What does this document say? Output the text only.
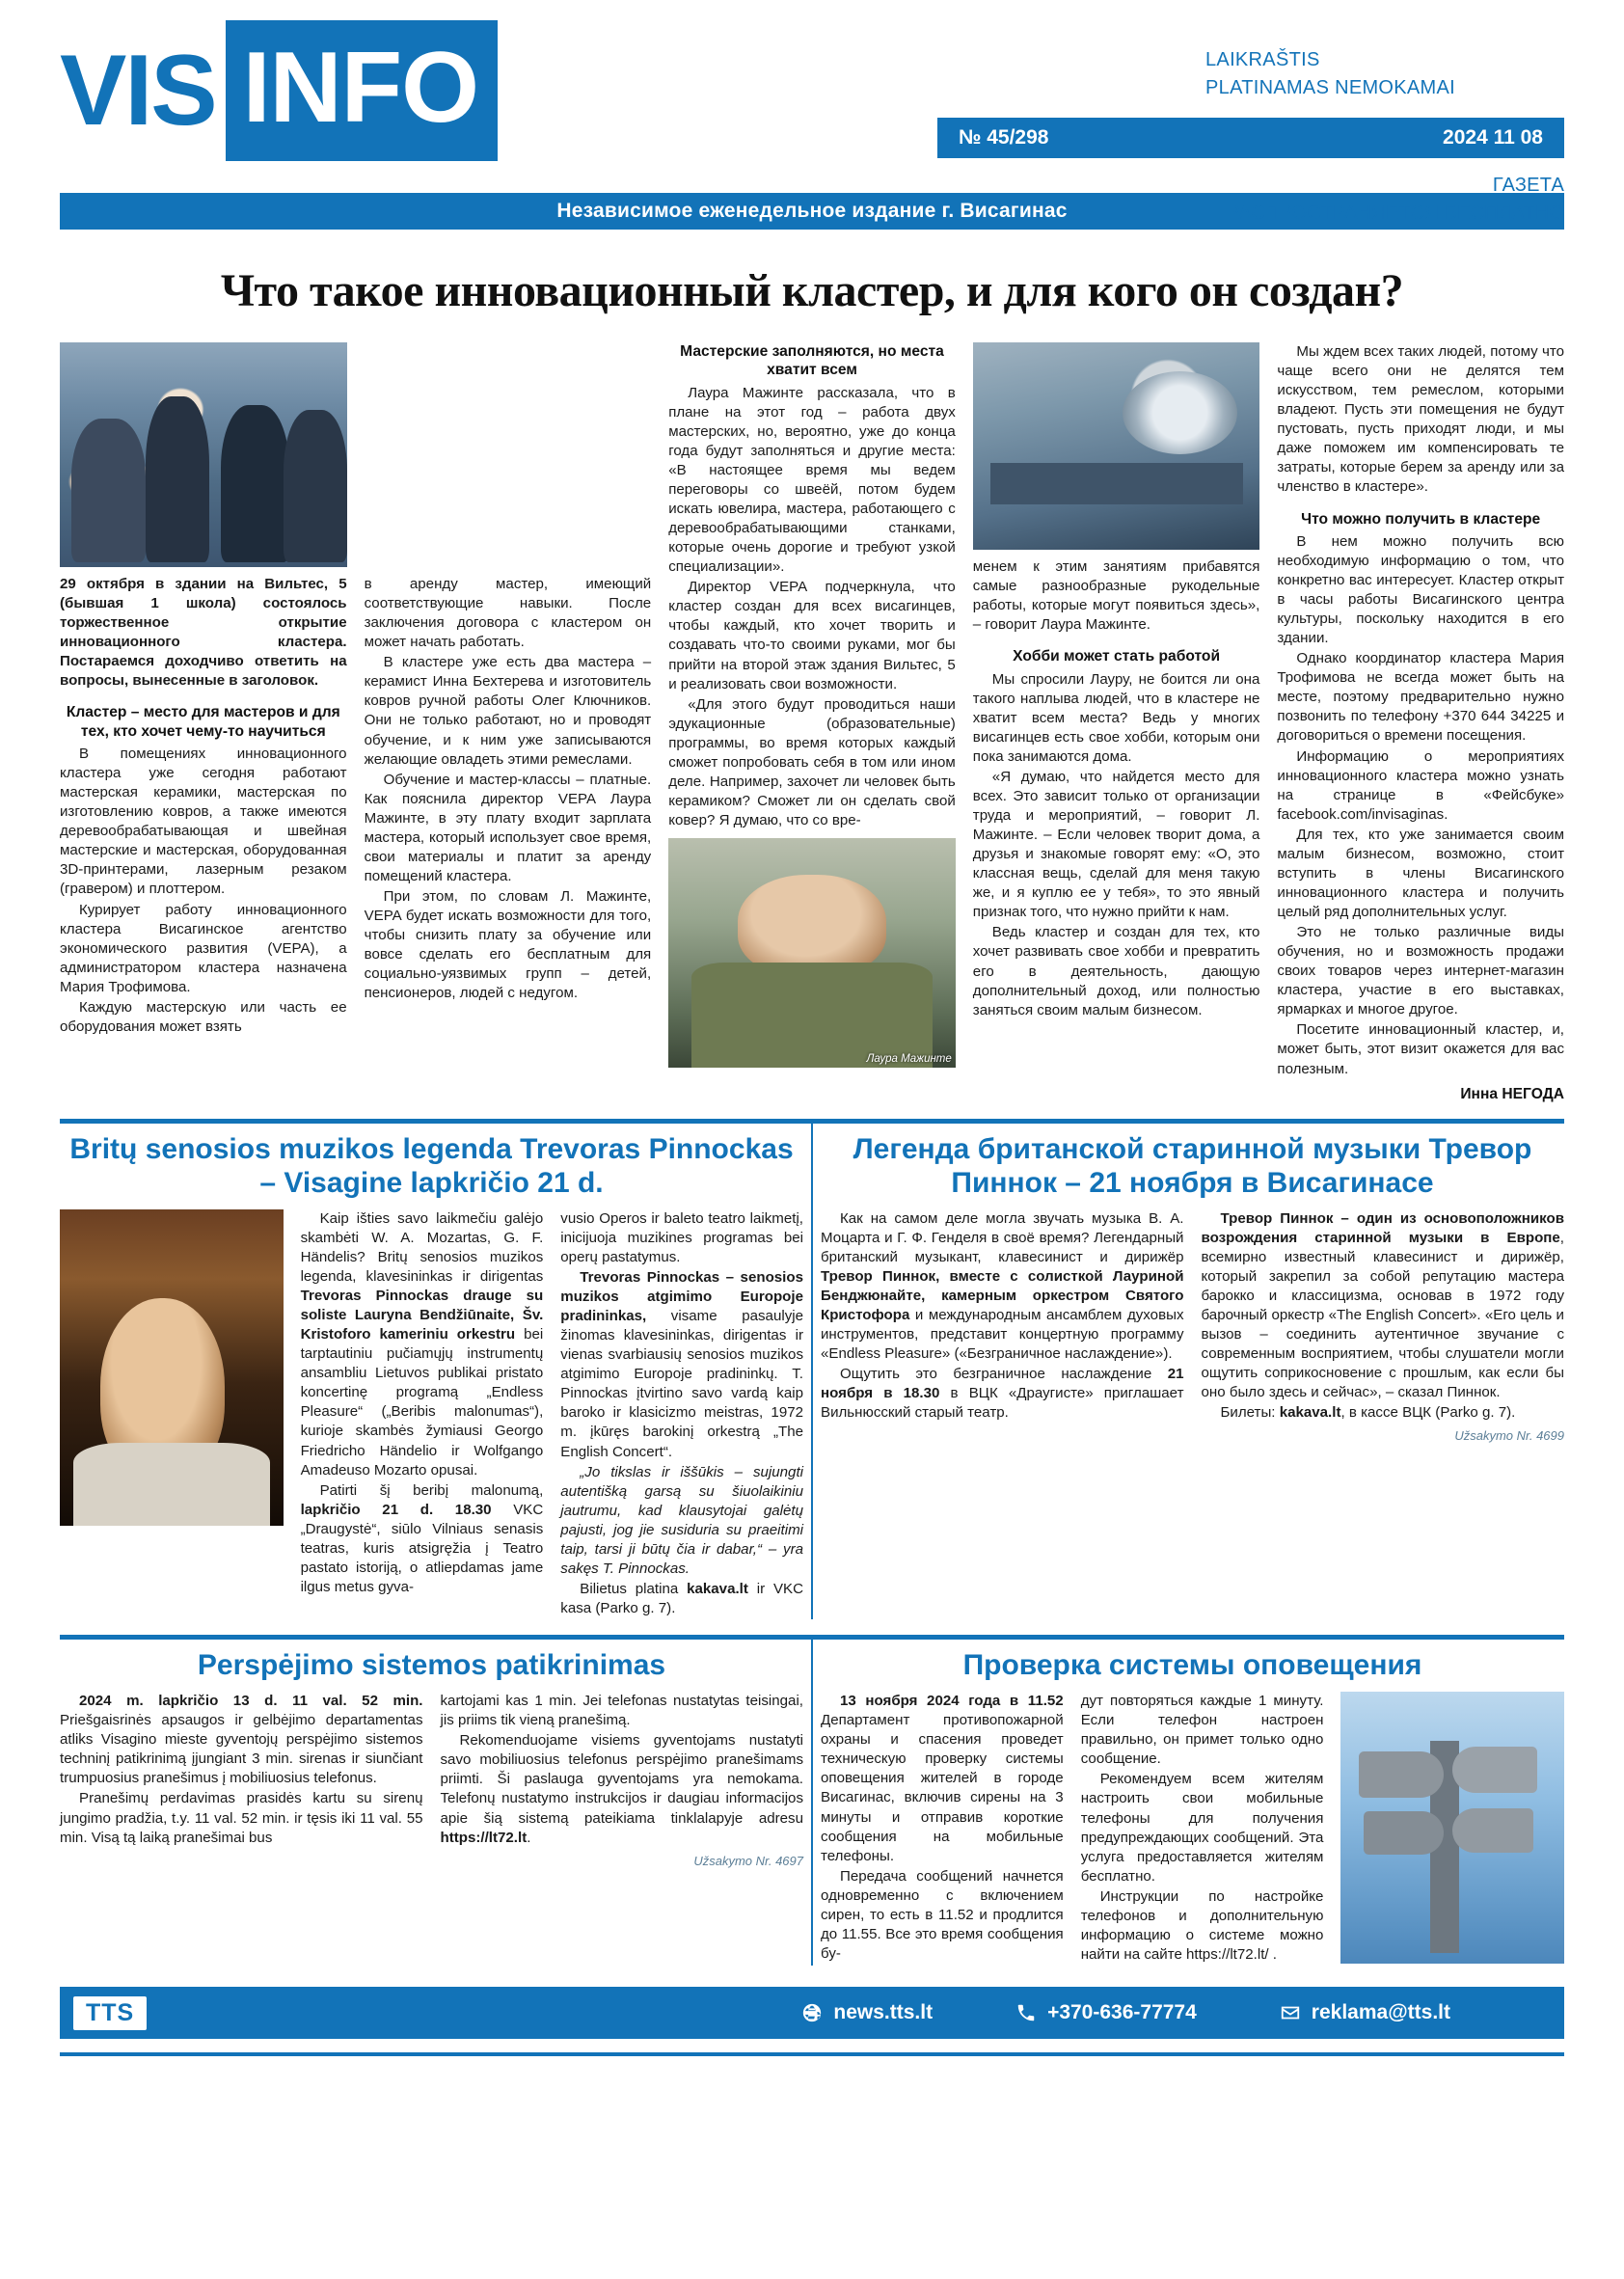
VIS INFO	LAIKRAŠTIS
PLATINAMAS NEMOKAMAI
№ 45/298	2024 11 08
ГАЗЕТА
РАСПРОСТРАНЯЕТСЯ БЕСПЛАТНО
Независимое еженедельное издание г. Висагинас
Что такое инновационный кластер, и для кого он создан?

29 октября в здании на Вильтес, 5 (бывшая 1 школа) состоялось торжественное открытие инновационного кластера. Постараемся доходчиво ответить на вопросы, вынесенные в заголовок.

Кластер – место для мастеров и для тех, кто хочет чему-то научиться

В помещениях инновационного кластера уже сегодня работают мастерская керамики, мастерская по изготовлению ковров, а также имеются деревообрабатывающая и швейная мастерские и мастерская, оборудованная 3D-принтерами, лазерным резаком (гравером) и плоттером.

Курирует работу инновационного кластера Висагинское агентство экономического развития (VEPA), а администратором кластера назначена Мария Трофимова.

Каждую мастерскую или часть ее оборудования может взять

в аренду мастер, имеющий соответствующие навыки. После заключения договора с кластером он может начать работать.

В кластере уже есть два мастера – керамист Инна Бехтерева и изготовитель ковров ручной работы Олег Ключников. Они не только работают, но и проводят обучение, и к ним уже записываются желающие овладеть этими ремеслами.

Обучение и мастер-классы – платные. Как пояснила директор VEPA Лаура Мажинте, в эту плату входит зарплата мастера, который использует свое время, свои материалы и платит за аренду помещений кластера.

При этом, по словам Л. Мажинте, VEPA будет искать возможности для того, чтобы снизить плату за обучение или вовсе сделать его бесплатным для социально-уязвимых групп – детей, пенсионеров, людей с недугом.

Мастерские заполняются, но места хватит всем

Лаура Мажинте рассказала, что в плане на этот год – работа двух мастерских, но, вероятно, уже до конца года будут заполняться и другие места: «В настоящее время мы ведем переговоры со швеёй, потом будем искать ювелира, мастера, работающего с деревообрабатывающими станками, которые очень дорогие и требуют узкой специализации».

Директор VEPA подчеркнула, что кластер создан для всех висагинцев, чтобы каждый, кто хочет творить и создавать что-то своими руками, мог бы прийти на второй этаж здания Вильтес, 5 и реализовать свои возможности.

«Для этого будут проводиться наши эдукационные (образовательные) программы, во время которых каждый сможет попробовать себя в том или ином деле. Например, захочет ли человек быть керамиком? Сможет ли он сделать свой ковер? Я думаю, что со вре-

Лаура Мажинте

менем к этим занятиям прибавятся самые разнообразные рукодельные работы, которые могут появиться здесь», – говорит Лаура Мажинте.

Хобби может стать работой

Мы спросили Лауру, не боится ли она такого наплыва людей, что в кластере не хватит всем места? Ведь у многих висагинцев есть свое хобби, которым они пока занимаются дома.

«Я думаю, что найдется место для всех. Это зависит только от организации труда и мероприятий, – говорит Л. Мажинте. – Если человек творит дома, а друзья и знакомые говорят ему: «О, это классная вещь, сделай для меня такую же, и я куплю ее у тебя», то это явный признак того, что нужно прийти к нам.

Ведь кластер и создан для тех, кто хочет развивать свое хобби и превратить его в деятельность, дающую дополнительный доход, или полностью заняться своим малым бизнесом.

Мы ждем всех таких людей, потому что чаще всего они не делятся тем искусством, тем ремеслом, которыми владеют. Пусть эти помещения не будут пустовать, пусть приходят люди, и мы даже поможем им компенсировать те затраты, которые берем за аренду или за членство в кластере».

Что можно получить в кластере

В нем можно получить всю необходимую информацию о том, что конкретно вас интересует. Кластер открыт в часы работы Висагинского центра культуры, поскольку находится в его здании.

Однако координатор кластера Мария Трофимова не всегда может быть на месте, поэтому предварительно нужно позвонить по телефону +370 644 34225 и договориться о времени посещения.

Информацию о мероприятиях инновационного кластера можно узнать на странице в «Фейсбуке» facebook.com/invisaginas.

Для тех, кто уже занимается своим малым бизнесом, возможно, стоит вступить в члены Висагинского инновационного кластера и получить целый ряд дополнительных услуг.

Это не только различные виды обучения, но и возможность продажи своих товаров через интернет-магазин кластера, участие в его выставках, ярмарках и многое другое.

Посетите инновационный кластер, и, может быть, этот визит окажется для вас полезным.

Инна НЕГОДА
Britų senosios muzikos legenda Trevoras Pinnockas – Visagine lapkričio 21 d.

Kaip išties savo laikmečiu galėjo skambėti W. A. Mozartas, G. F. Händelis? Britų senosios muzikos legenda, klavesininkas ir dirigentas Trevoras Pinnockas drauge su soliste Lauryna Bendžiūnaite, Šv. Kristoforo kameriniu orkestru bei tarptautiniu pučiamųjų instrumentų ansambliu Lietuvos publikai pristato koncertinę programą „Endless Pleasure“ („Beribis malonumas“), kurioje skambės žymiausi Georgo Friedricho Händelio ir Wolfgango Amadeuso Mozarto opusai.

Patirti šį beribį malonumą, lapkričio 21 d. 18.30 VKC „Draugystė“, siūlo Vilniaus senasis teatras, kuris atsigręžia į Teatro pastato istoriją, o atliepdamas jame ilgus metus gyva-

vusio Operos ir baleto teatro laikmetį, inicijuoja muzikines programas bei operų pastatymus.

Trevoras Pinnockas – senosios muzikos atgimimo Europoje pradininkas, visame pasaulyje žinomas klavesininkas, dirigentas ir vienas svarbiausių senosios muzikos atgimimo Europoje pradininkų. T. Pinnockas įtvirtino savo vardą kaip baroko ir klasicizmo meistras, 1972 m. įkūręs barokinį orkestrą „The English Concert“.

„Jo tikslas ir iššūkis – sujungti autentišką garsą su šiuolaikiniu jautrumu, kad klausytojai galėtų pajusti, jog jie susiduria su praeitimi taip, tarsi ji būtų čia ir dabar,“ – yra sakęs T. Pinnockas.

Bilietus platina kakava.lt ir VKC kasa (Parko g. 7).

Легенда британской старинной музыки Тревор Пиннок – 21 ноября в Висагинасе

Как на самом деле могла звучать музыка В. А. Моцарта и Г. Ф. Генделя в своё время? Легендарный британский музыкант, клавесинист и дирижёр Тревор Пиннок, вместе с солисткой Лауриной Бенджюнайте, камерным оркестром Святого Кристофора и международным ансамблем духовых инструментов, представит концертную программу «Endless Pleasure» («Безграничное наслаждение»).

Ощутить это безграничное наслаждение 21 ноября в 18.30 в ВЦК «Драугисте» приглашает Вильнюсский старый театр.

Тревор Пиннок – один из основоположников возрождения старинной музыки в Европе, всемирно известный клавесинист и дирижёр, который закрепил за собой репутацию мастера барокко и классицизма, основав в 1972 году барочный оркестр «The English Concert». «Его цель и вызов – соединить аутентичное звучание с современным восприятием, чтобы слушатели могли ощутить соприкосновение с прошлым, как если бы оно было здесь и сейчас», – сказал Пиннок.

Билеты: kakava.lt, в кассе ВЦК (Parko g. 7).

Užsakymo Nr. 4699
Perspėjimo sistemos patikrinimas

2024 m. lapkričio 13 d. 11 val. 52 min. Priešgaisrinės apsaugos ir gelbėjimo departamentas atliks Visagino mieste gyventojų perspėjimo sistemos techninį patikrinimą įjungiant 3 min. sirenas ir siunčiant trumpuosius pranešimus į mobiliuosius telefonus.

Pranešimų perdavimas prasidės kartu su sirenų jungimo pradžia, t.y. 11 val. 52 min. ir tęsis iki 11 val. 55 min. Visą tą laiką pranešimai bus

kartojami kas 1 min. Jei telefonas nustatytas teisingai, jis priims tik vieną pranešimą.

Rekomenduojame visiems gyventojams nustatyti savo mobiliuosius telefonus perspėjimo pranešimams priimti. Ši paslauga gyventojams yra nemokama. Telefonų nustatymo instrukcijos ir daugiau informacijos apie šią sistemą pateikiama tinklalapyje adresu https://lt72.lt.

Užsakymo Nr. 4697
Проверка системы оповещения

13 ноября 2024 года в 11.52 Департамент противопожарной охраны и спасения проведет техническую проверку системы оповещения жителей в городе Висагинас, включив сирены на 3 минуты и отправив короткие сообщения на мобильные телефоны.

Передача сообщений начнется одновременно с включением сирен, то есть в 11.52 и продлится до 11.55. Все это время сообщения бу-

дут повторяться каждые 1 минуту. Если телефон настроен правильно, он примет только одно сообщение.

Рекомендуем всем жителям настроить свои мобильные телефоны для получения предупреждающих сообщений. Эта услуга предоставляется жителям бесплатно.

Инструкции по настройке телефонов и дополнительную информацию о системе можно найти на сайте https://lt72.lt/ .

TTS	news.tts.lt	+370-636-77774	reklama@tts.lt
